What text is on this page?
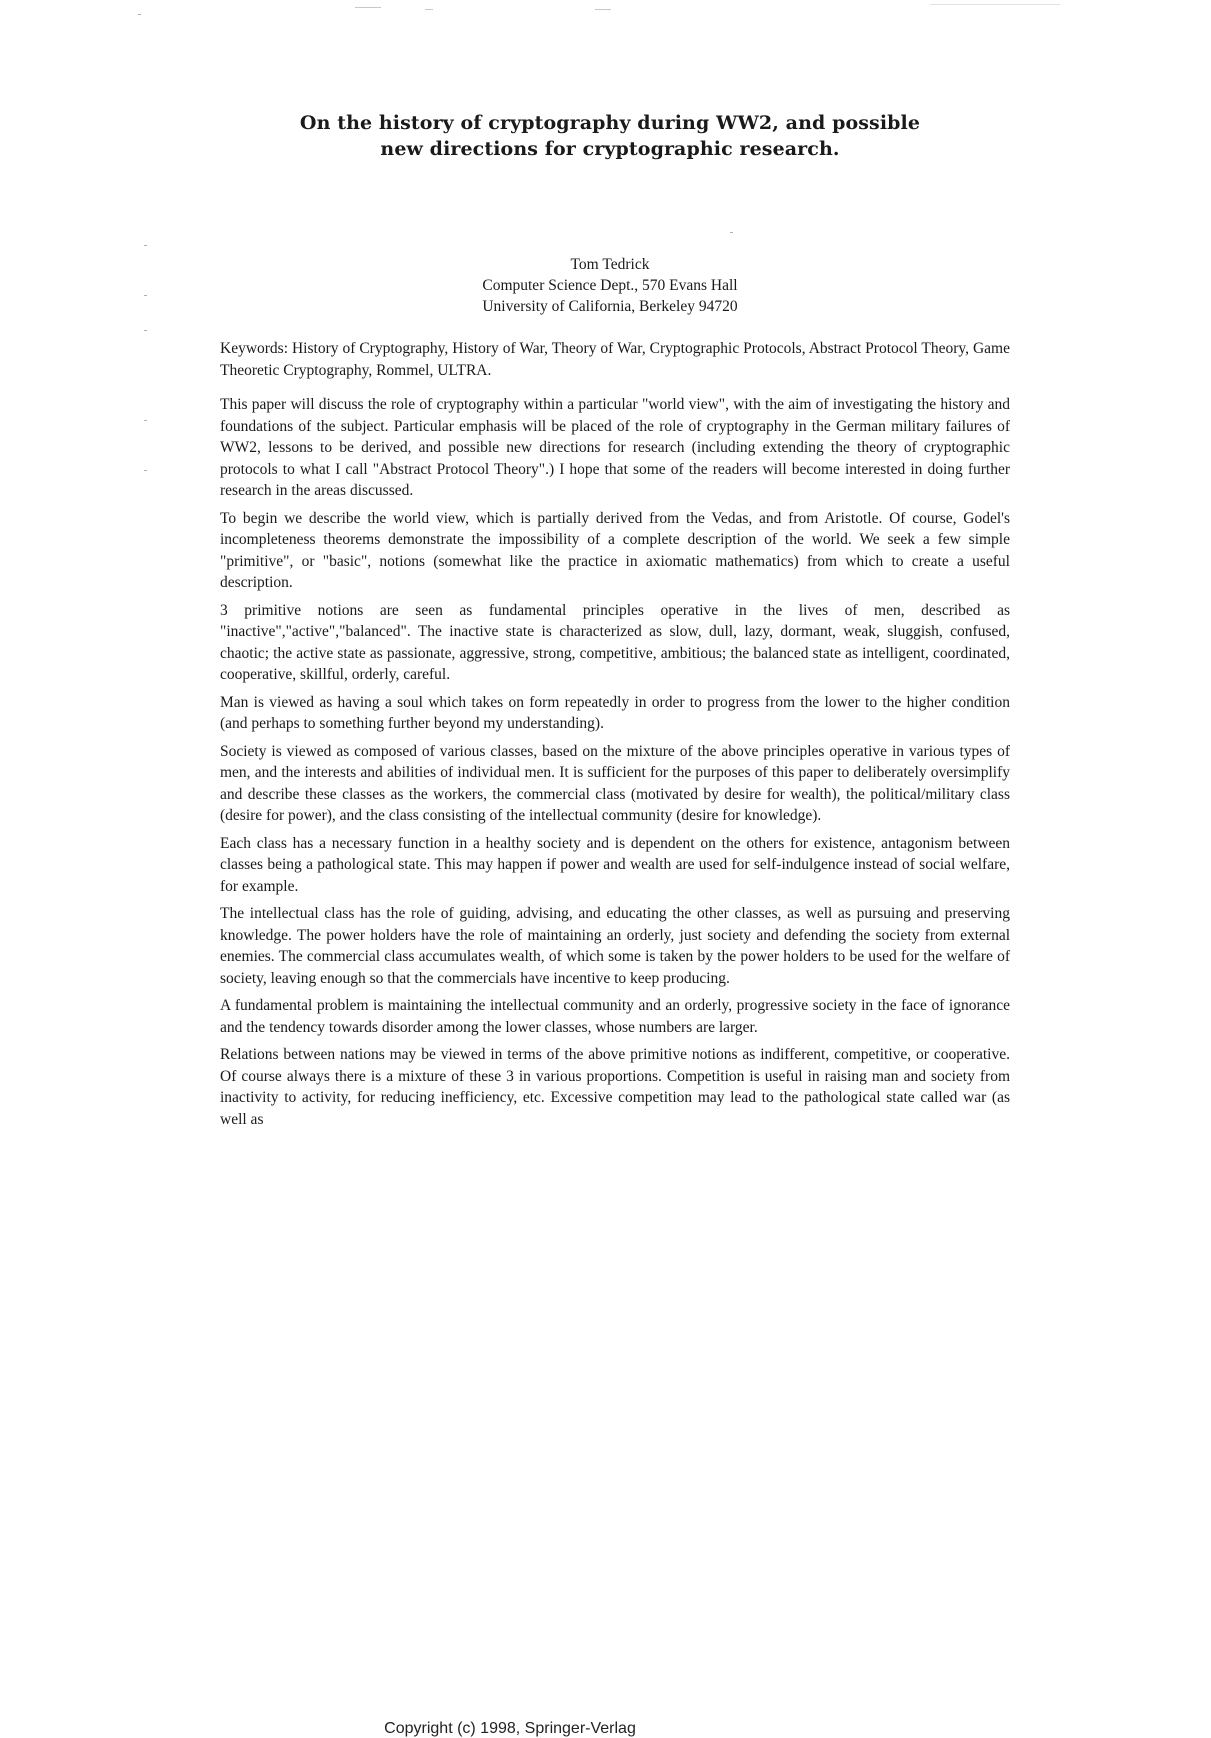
On the history of cryptography during WW2, and possible
new directions for cryptographic research.
Tom Tedrick
Computer Science Dept., 570 Evans Hall
University of California, Berkeley 94720

Keywords: History of Cryptography, History of War, Theory of War, Cryptographic Protocols, Abstract Protocol Theory, Game Theoretic Cryptography, Rommel, ULTRA.

This paper will discuss the role of cryptography within a particular "world view", with the aim of investigating the history and foundations of the subject. Particular emphasis will be placed of the role of cryptography in the German military failures of WW2, lessons to be derived, and possible new directions for research (including extending the theory of cryptographic protocols to what I call "Abstract Protocol Theory".) I hope that some of the readers will become interested in doing further research in the areas discussed.

To begin we describe the world view, which is partially derived from the Vedas, and from Aristotle. Of course, Godel's incompleteness theorems demonstrate the impossibility of a complete description of the world. We seek a few simple "primitive", or "basic", notions (somewhat like the practice in axiomatic mathematics) from which to create a useful description.

3 primitive notions are seen as fundamental principles operative in the lives of men, described as "inactive","active","balanced". The inactive state is characterized as slow, dull, lazy, dormant, weak, sluggish, confused, chaotic; the active state as passionate, aggressive, strong, competitive, ambitious; the balanced state as intelligent, coordinated, cooperative, skillful, orderly, careful.

Man is viewed as having a soul which takes on form repeatedly in order to progress from the lower to the higher condition (and perhaps to something further beyond my understanding).

Society is viewed as composed of various classes, based on the mixture of the above principles operative in various types of men, and the interests and abilities of individual men. It is sufficient for the purposes of this paper to deliberately oversimplify and describe these classes as the workers, the commercial class (motivated by desire for wealth), the political/military class (desire for power), and the class consisting of the intellectual community (desire for knowledge).

Each class has a necessary function in a healthy society and is dependent on the others for existence, antagonism between classes being a pathological state. This may happen if power and wealth are used for self-indulgence instead of social welfare, for example.

The intellectual class has the role of guiding, advising, and educating the other classes, as well as pursuing and preserving knowledge. The power holders have the role of maintaining an orderly, just society and defending the society from external enemies. The commercial class accumulates wealth, of which some is taken by the power holders to be used for the welfare of society, leaving enough so that the commercials have incentive to keep producing.

A fundamental problem is maintaining the intellectual community and an orderly, progressive society in the face of ignorance and the tendency towards disorder among the lower classes, whose numbers are larger.

Relations between nations may be viewed in terms of the above primitive notions as indifferent, competitive, or cooperative. Of course always there is a mixture of these 3 in various proportions. Competition is useful in raising man and society from inactivity to activity, for reducing inefficiency, etc. Excessive competition may lead to the pathological state called war (as well as

Copyright (c) 1998, Springer-Verlag
